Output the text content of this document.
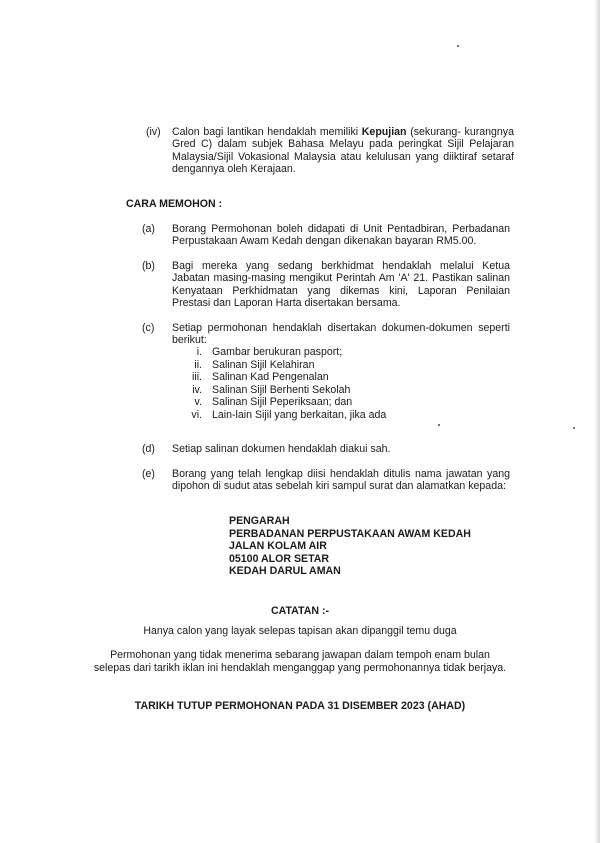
(iv) Calon bagi lantikan hendaklah memiliki Kepujian (sekurang- kurangnya Gred C) dalam subjek Bahasa Melayu pada peringkat Sijil Pelajaran Malaysia/Sijil Vokasional Malaysia atau kelulusan yang diiktiraf setaraf dengannya oleh Kerajaan.
CARA MEMOHON :
(a) Borang Permohonan boleh didapati di Unit Pentadbiran, Perbadanan Perpustakaan Awam Kedah dengan dikenakan bayaran RM5.00.
(b) Bagi mereka yang sedang berkhidmat hendaklah melalui Ketua Jabatan masing-masing mengikut Perintah Am 'A' 21. Pastikan salinan Kenyataan Perkhidmatan yang dikemas kini, Laporan Penilaian Prestasi dan Laporan Harta disertakan bersama.
(c) Setiap permohonan hendaklah disertakan dokumen-dokumen seperti berikut:
i. Gambar berukuran pasport;
ii. Salinan Sijil Kelahiran
iii. Salinan Kad Pengenalan
iv. Salinan Sijil Berhenti Sekolah
v. Salinan Sijil Peperiksaan; dan
vi. Lain-lain Sijil yang berkaitan, jika ada
(d) Setiap salinan dokumen hendaklah diakui sah.
(e) Borang yang telah lengkap diisi hendaklah ditulis nama jawatan yang dipohon di sudut atas sebelah kiri sampul surat dan alamatkan kepada:
PENGARAH
PERBADANAN PERPUSTAKAAN AWAM KEDAH
JALAN KOLAM AIR
05100 ALOR SETAR
KEDAH DARUL AMAN
CATATAN :-
Hanya calon yang layak selepas tapisan akan dipanggil temu duga
Permohonan yang tidak menerima sebarang jawapan dalam tempoh enam bulan
selepas dari tarikh iklan ini hendaklah menganggap yang permohonannya tidak berjaya.
TARIKH TUTUP PERMOHONAN PADA 31 DISEMBER 2023 (AHAD)
